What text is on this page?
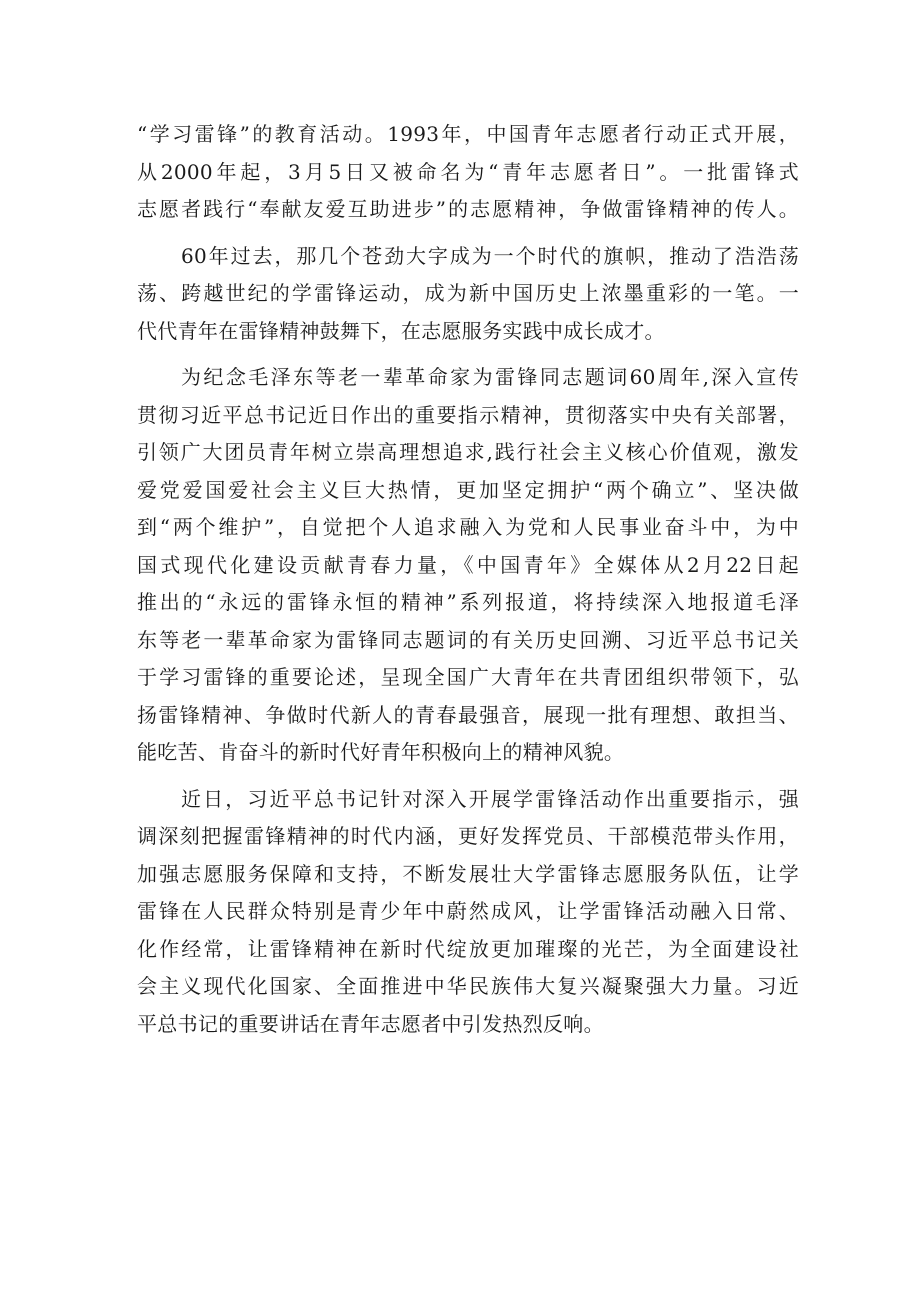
“学习雷锋”的教育活动。1993年，中国青年志愿者行动正式开展，
从2000年起，3月5日又被命名为“青年志愿者日”。一批雷锋式
志愿者践行“奉献友爱互助进步”的志愿精神，争做雷锋精神的传人。
60年过去，那几个苍劲大字成为一个时代的旗帜，推动了浩浩荡
荡、跨越世纪的学雷锋运动，成为新中国历史上浓墨重彩的一笔。一
代代青年在雷锋精神鼓舞下，在志愿服务实践中成长成才。
为纪念毛泽东等老一辈革命家为雷锋同志题词60周年,深入宣传
贯彻习近平总书记近日作出的重要指示精神，贯彻落实中央有关部署，
引领广大团员青年树立崇高理想追求,践行社会主义核心价值观，激发
爱党爱国爱社会主义巨大热情，更加坚定拥护“两个确立”、坚决做
到“两个维护”，自觉把个人追求融入为党和人民事业奋斗中，为中
国式现代化建设贡献青春力量，《中国青年》全媒体从2月22日起
推出的“永远的雷锋永恒的精神”系列报道，将持续深入地报道毛泽
东等老一辈革命家为雷锋同志题词的有关历史回溯、习近平总书记关
于学习雷锋的重要论述，呈现全国广大青年在共青团组织带领下，弘
扬雷锋精神、争做时代新人的青春最强音，展现一批有理想、敢担当、
能吃苦、肯奋斗的新时代好青年积极向上的精神风貌。
近日，习近平总书记针对深入开展学雷锋活动作出重要指示，强
调深刻把握雷锋精神的时代内涵，更好发挥党员、干部模范带头作用，
加强志愿服务保障和支持，不断发展壮大学雷锋志愿服务队伍，让学
雷锋在人民群众特别是青少年中蔚然成风，让学雷锋活动融入日常、
化作经常，让雷锋精神在新时代绽放更加璀璨的光芒，为全面建设社
会主义现代化国家、全面推进中华民族伟大复兴凝聚强大力量。习近
平总书记的重要讲话在青年志愿者中引发热烈反响。
